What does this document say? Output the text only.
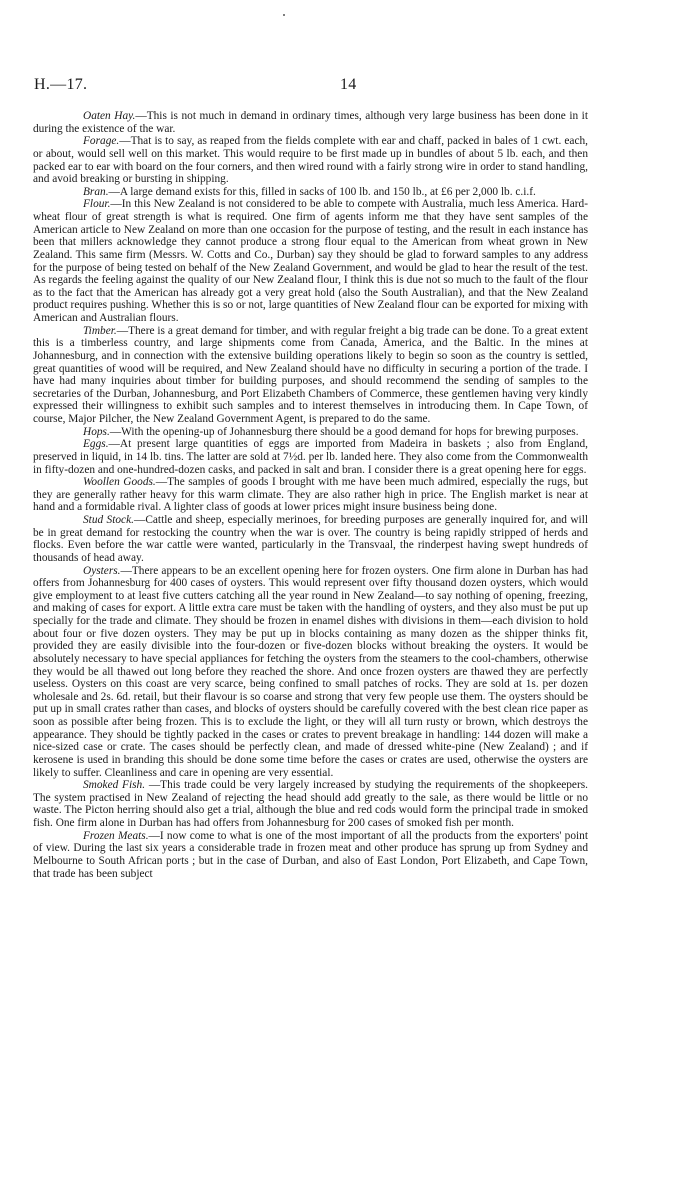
H.—17.	14

Oaten Hay.—This is not much in demand in ordinary times, although very large business has been done in it during the existence of the war.

Forage.—That is to say, as reaped from the fields complete with ear and chaff, packed in bales of 1 cwt. each, or about, would sell well on this market. This would require to be first made up in bundles of about 5 lb. each, and then packed ear to ear with board on the four corners, and then wired round with a fairly strong wire in order to stand handling, and avoid breaking or bursting in shipping.

Bran.—A large demand exists for this, filled in sacks of 100 lb. and 150 lb., at £6 per 2,000 lb. c.i.f.

Flour.—In this New Zealand is not considered to be able to compete with Australia, much less America. Hard-wheat flour of great strength is what is required. One firm of agents inform me that they have sent samples of the American article to New Zealand on more than one occasion for the purpose of testing, and the result in each instance has been that millers acknowledge they cannot produce a strong flour equal to the American from wheat grown in New Zealand. This same firm (Messrs. W. Cotts and Co., Durban) say they should be glad to forward samples to any address for the purpose of being tested on behalf of the New Zealand Government, and would be glad to hear the result of the test. As regards the feeling against the quality of our New Zealand flour, I think this is due not so much to the fault of the flour as to the fact that the American has already got a very great hold (also the South Australian), and that the New Zealand product requires pushing. Whether this is so or not, large quantities of New Zealand flour can be exported for mixing with American and Australian flours.

Timber.—There is a great demand for timber, and with regular freight a big trade can be done. To a great extent this is a timberless country, and large shipments come from Canada, America, and the Baltic. In the mines at Johannesburg, and in connection with the extensive building operations likely to begin so soon as the country is settled, great quantities of wood will be required, and New Zealand should have no difficulty in securing a portion of the trade. I have had many inquiries about timber for building purposes, and should recommend the sending of samples to the secretaries of the Durban, Johannesburg, and Port Elizabeth Chambers of Commerce, these gentlemen having very kindly expressed their willingness to exhibit such samples and to interest themselves in introducing them. In Cape Town, of course, Major Pilcher, the New Zealand Government Agent, is prepared to do the same.

Hops.—With the opening-up of Johannesburg there should be a good demand for hops for brewing purposes.

Eggs.—At present large quantities of eggs are imported from Madeira in baskets ; also from England, preserved in liquid, in 14 lb. tins. The latter are sold at 7½d. per lb. landed here. They also come from the Commonwealth in fifty-dozen and one-hundred-dozen casks, and packed in salt and bran. I consider there is a great opening here for eggs.

Woollen Goods.—The samples of goods I brought with me have been much admired, especially the rugs, but they are generally rather heavy for this warm climate. They are also rather high in price. The English market is near at hand and a formidable rival. A lighter class of goods at lower prices might insure business being done.

Stud Stock.—Cattle and sheep, especially merinoes, for breeding purposes are generally inquired for, and will be in great demand for restocking the country when the war is over. The country is being rapidly stripped of herds and flocks. Even before the war cattle were wanted, particularly in the Transvaal, the rinderpest having swept hundreds of thousands of head away.

Oysters.—There appears to be an excellent opening here for frozen oysters. One firm alone in Durban has had offers from Johannesburg for 400 cases of oysters. This would represent over fifty thousand dozen oysters, which would give employment to at least five cutters catching all the year round in New Zealand—to say nothing of opening, freezing, and making of cases for export. A little extra care must be taken with the handling of oysters, and they also must be put up specially for the trade and climate. They should be frozen in enamel dishes with divisions in them—each division to hold about four or five dozen oysters. They may be put up in blocks containing as many dozen as the shipper thinks fit, provided they are easily divisible into the four-dozen or five-dozen blocks without breaking the oysters. It would be absolutely necessary to have special appliances for fetching the oysters from the steamers to the cool-chambers, otherwise they would be all thawed out long before they reached the shore. And once frozen oysters are thawed they are perfectly useless. Oysters on this coast are very scarce, being confined to small patches of rocks. They are sold at 1s. per dozen wholesale and 2s. 6d. retail, but their flavour is so coarse and strong that very few people use them. The oysters should be put up in small crates rather than cases, and blocks of oysters should be carefully covered with the best clean rice paper as soon as possible after being frozen. This is to exclude the light, or they will all turn rusty or brown, which destroys the appearance. They should be tightly packed in the cases or crates to prevent breakage in handling: 144 dozen will make a nice-sized case or crate. The cases should be perfectly clean, and made of dressed white-pine (New Zealand) ; and if kerosene is used in branding this should be done some time before the cases or crates are used, otherwise the oysters are likely to suffer. Cleanliness and care in opening are very essential.

Smoked Fish. —This trade could be very largely increased by studying the requirements of the shopkeepers. The system practised in New Zealand of rejecting the head should add greatly to the sale, as there would be little or no waste. The Picton herring should also get a trial, although the blue and red cods would form the principal trade in smoked fish. One firm alone in Durban has had offers from Johannesburg for 200 cases of smoked fish per month.

Frozen Meats.—I now come to what is one of the most important of all the products from the exporters' point of view. During the last six years a considerable trade in frozen meat and other produce has sprung up from Sydney and Melbourne to South African ports ; but in the case of Durban, and also of East London, Port Elizabeth, and Cape Town, that trade has been subject
